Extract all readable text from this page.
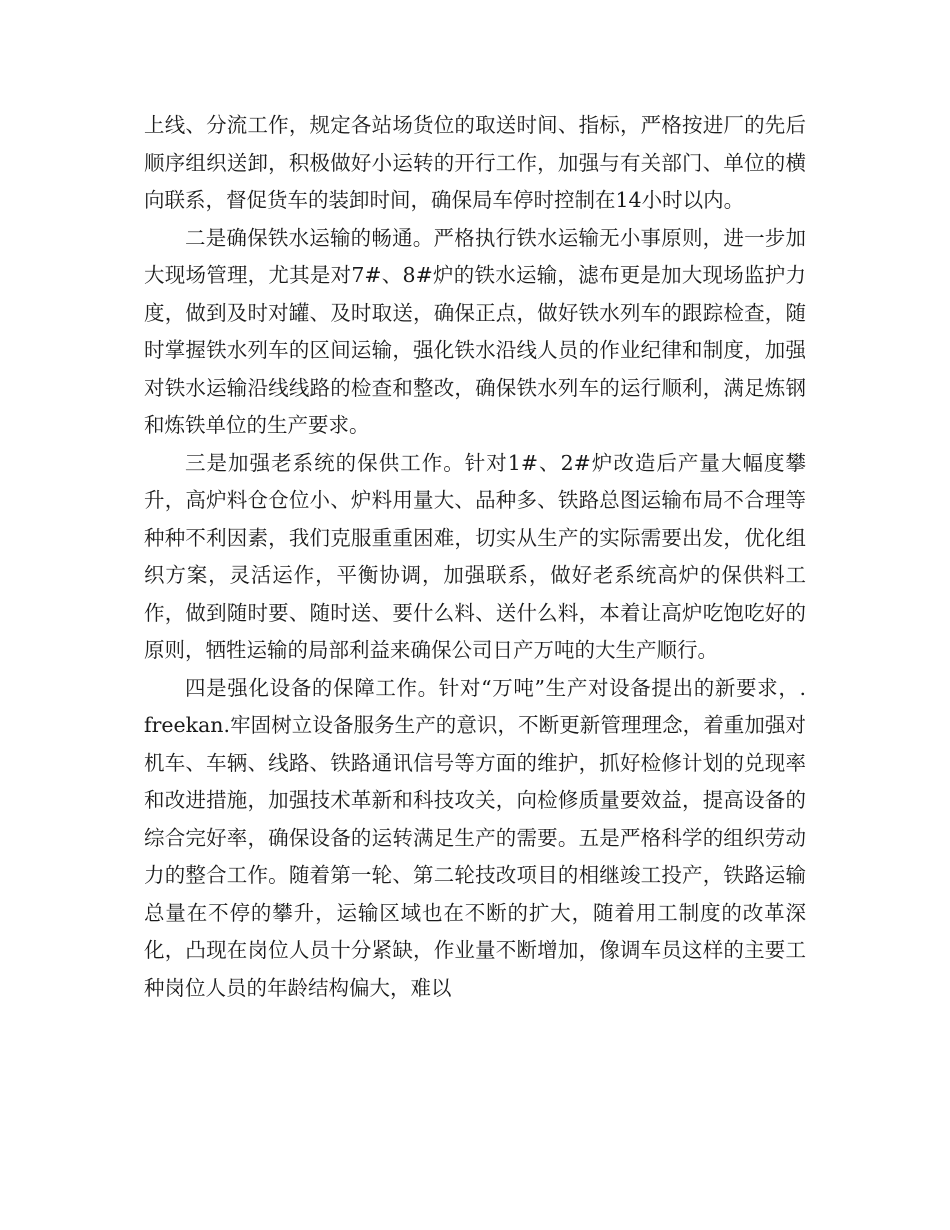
上线、分流工作，规定各站场货位的取送时间、指标，严格按进厂的先后顺序组织送卸，积极做好小运转的开行工作，加强与有关部门、单位的横向联系，督促货车的装卸时间，确保局车停时控制在14小时以内。

二是确保铁水运输的畅通。严格执行铁水运输无小事原则，进一步加大现场管理，尤其是对7#、8#炉的铁水运输，滤布更是加大现场监护力度，做到及时对罐、及时取送，确保正点，做好铁水列车的跟踪检查，随时掌握铁水列车的区间运输，强化铁水沿线人员的作业纪律和制度，加强对铁水运输沿线线路的检查和整改，确保铁水列车的运行顺利，满足炼钢和炼铁单位的生产要求。

三是加强老系统的保供工作。针对1#、2#炉改造后产量大幅度攀升，高炉料仓仓位小、炉料用量大、品种多、铁路总图运输布局不合理等种种不利因素，我们克服重重困难，切实从生产的实际需要出发，优化组织方案，灵活运作，平衡协调，加强联系，做好老系统高炉的保供料工作，做到随时要、随时送、要什么料、送什么料，本着让高炉吃饱吃好的原则，牺牲运输的局部利益来确保公司日产万吨的大生产顺行。

四是强化设备的保障工作。针对“万吨”生产对设备提出的新要求，. freekan.牢固树立设备服务生产的意识，不断更新管理理念，着重加强对机车、车辆、线路、铁路通讯信号等方面的维护，抓好检修计划的兑现率和改进措施，加强技术革新和科技攻关，向检修质量要效益，提高设备的综合完好率，确保设备的运转满足生产的需要。五是严格科学的组织劳动力的整合工作。随着第一轮、第二轮技改项目的相继竣工投产，铁路运输总量在不停的攀升，运输区域也在不断的扩大，随着用工制度的改革深化，凸现在岗位人员十分紧缺，作业量不断增加，像调车员这样的主要工种岗位人员的年龄结构偏大，难以
